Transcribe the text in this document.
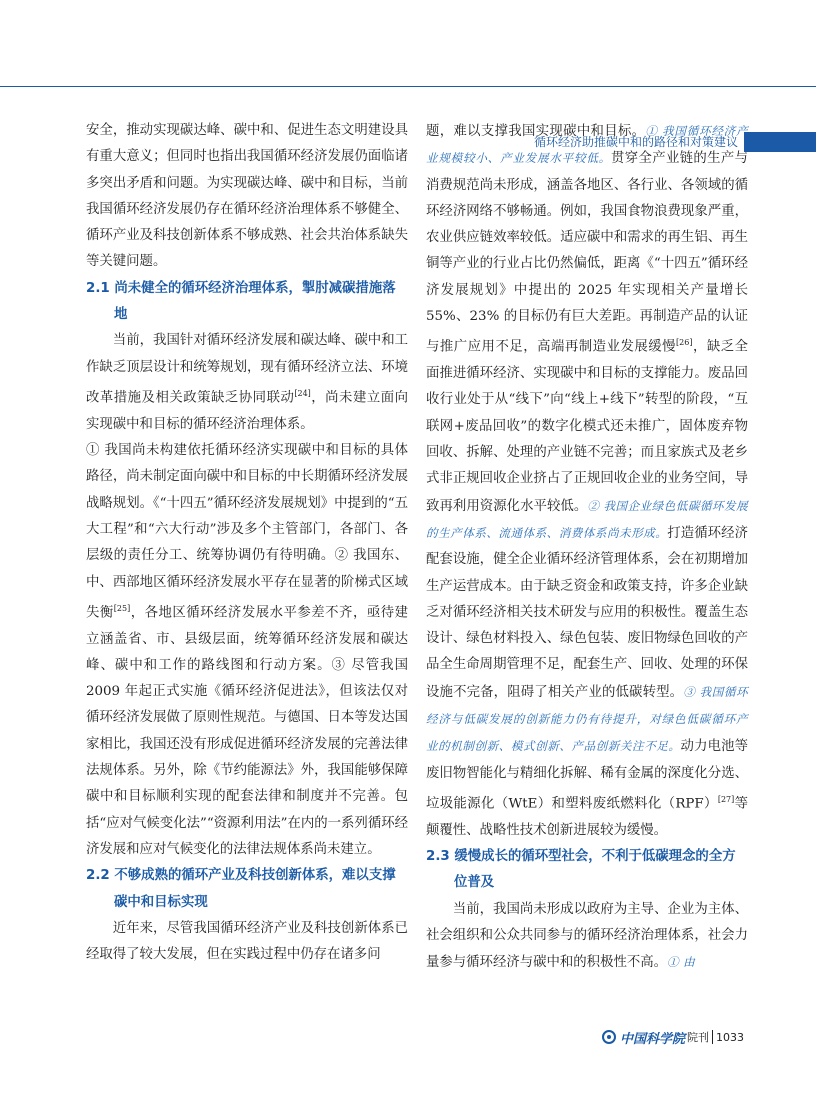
循环经济助推碳中和的路径和对策建议

安全，推动实现碳达峰、碳中和、促进生态文明建设具有重大意义；但同时也指出我国循环经济发展仍面临诸多突出矛盾和问题。为实现碳达峰、碳中和目标，当前我国循环经济发展仍存在循环经济治理体系不够健全、循环产业及科技创新体系不够成熟、社会共治体系缺失等关键问题。

2.1 尚未健全的循环经济治理体系，掣肘减碳措施落地

当前，我国针对循环经济发展和碳达峰、碳中和工作缺乏顶层设计和统筹规划，现有循环经济立法、环境改革措施及相关政策缺乏协同联动[24]，尚未建立面向实现碳中和目标的循环经济治理体系。

① 我国尚未构建依托循环经济实现碳中和目标的具体路径，尚未制定面向碳中和目标的中长期循环经济发展战略规划。《“十四五”循环经济发展规划》中提到的“五大工程”和“六大行动”涉及多个主管部门，各部门、各层级的责任分工、统筹协调仍有待明确。② 我国东、中、西部地区循环经济发展水平存在显著的阶梯式区域失衡[25]，各地区循环经济发展水平参差不齐，亟待建立涵盖省、市、县级层面，统筹循环经济发展和碳达峰、碳中和工作的路线图和行动方案。③ 尽管我国 2009 年起正式实施《循环经济促进法》，但该法仅对循环经济发展做了原则性规范。与德国、日本等发达国家相比，我国还没有形成促进循环经济发展的完善法律法规体系。另外，除《节约能源法》外，我国能够保障碳中和目标顺利实现的配套法律和制度并不完善。包括“应对气候变化法”“资源利用法”在内的一系列循环经济发展和应对气候变化的法律法规体系尚未建立。

2.2 不够成熟的循环产业及科技创新体系，难以支撑碳中和目标实现

近年来，尽管我国循环经济产业及科技创新体系已经取得了较大发展，但在实践过程中仍存在诸多问

题，难以支撑我国实现碳中和目标。① 我国循环经济产业规模较小、产业发展水平较低。贯穿全产业链的生产与消费规范尚未形成，涵盖各地区、各行业、各领域的循环经济网络不够畅通。例如，我国食物浪费现象严重，农业供应链效率较低。适应碳中和需求的再生铝、再生铜等产业的行业占比仍然偏低，距离《“十四五”循环经济发展规划》中提出的 2025 年实现相关产量增长 55%、23% 的目标仍有巨大差距。再制造产品的认证与推广应用不足，高端再制造业发展缓慢[26]，缺乏全面推进循环经济、实现碳中和目标的支撑能力。废品回收行业处于从“线下”向“线上+线下”转型的阶段，“互联网+废品回收”的数字化模式还未推广，固体废弃物回收、拆解、处理的产业链不完善；而且家族式及老乡式非正规回收企业挤占了正规回收企业的业务空间，导致再利用资源化水平较低。② 我国企业绿色低碳循环发展的生产体系、流通体系、消费体系尚未形成。打造循环经济配套设施，健全企业循环经济管理体系，会在初期增加生产运营成本。由于缺乏资金和政策支持，许多企业缺乏对循环经济相关技术研发与应用的积极性。覆盖生态设计、绿色材料投入、绿色包装、废旧物绿色回收的产品全生命周期管理不足，配套生产、回收、处理的环保设施不完备，阻碍了相关产业的低碳转型。③ 我国循环经济与低碳发展的创新能力仍有待提升，对绿色低碳循环产业的机制创新、模式创新、产品创新关注不足。动力电池等废旧物智能化与精细化拆解、稀有金属的深度化分选、垃圾能源化（WtE）和塑料废纸燃料化（RPF）[27]等颠覆性、战略性技术创新进展较为缓慢。

2.3 缓慢成长的循环型社会，不利于低碳理念的全方位普及

当前，我国尚未形成以政府为主导、企业为主体、社会组织和公众共同参与的循环经济治理体系，社会力量参与循环经济与碳中和的积极性不高。① 由

中国科学院 院刊 1033
